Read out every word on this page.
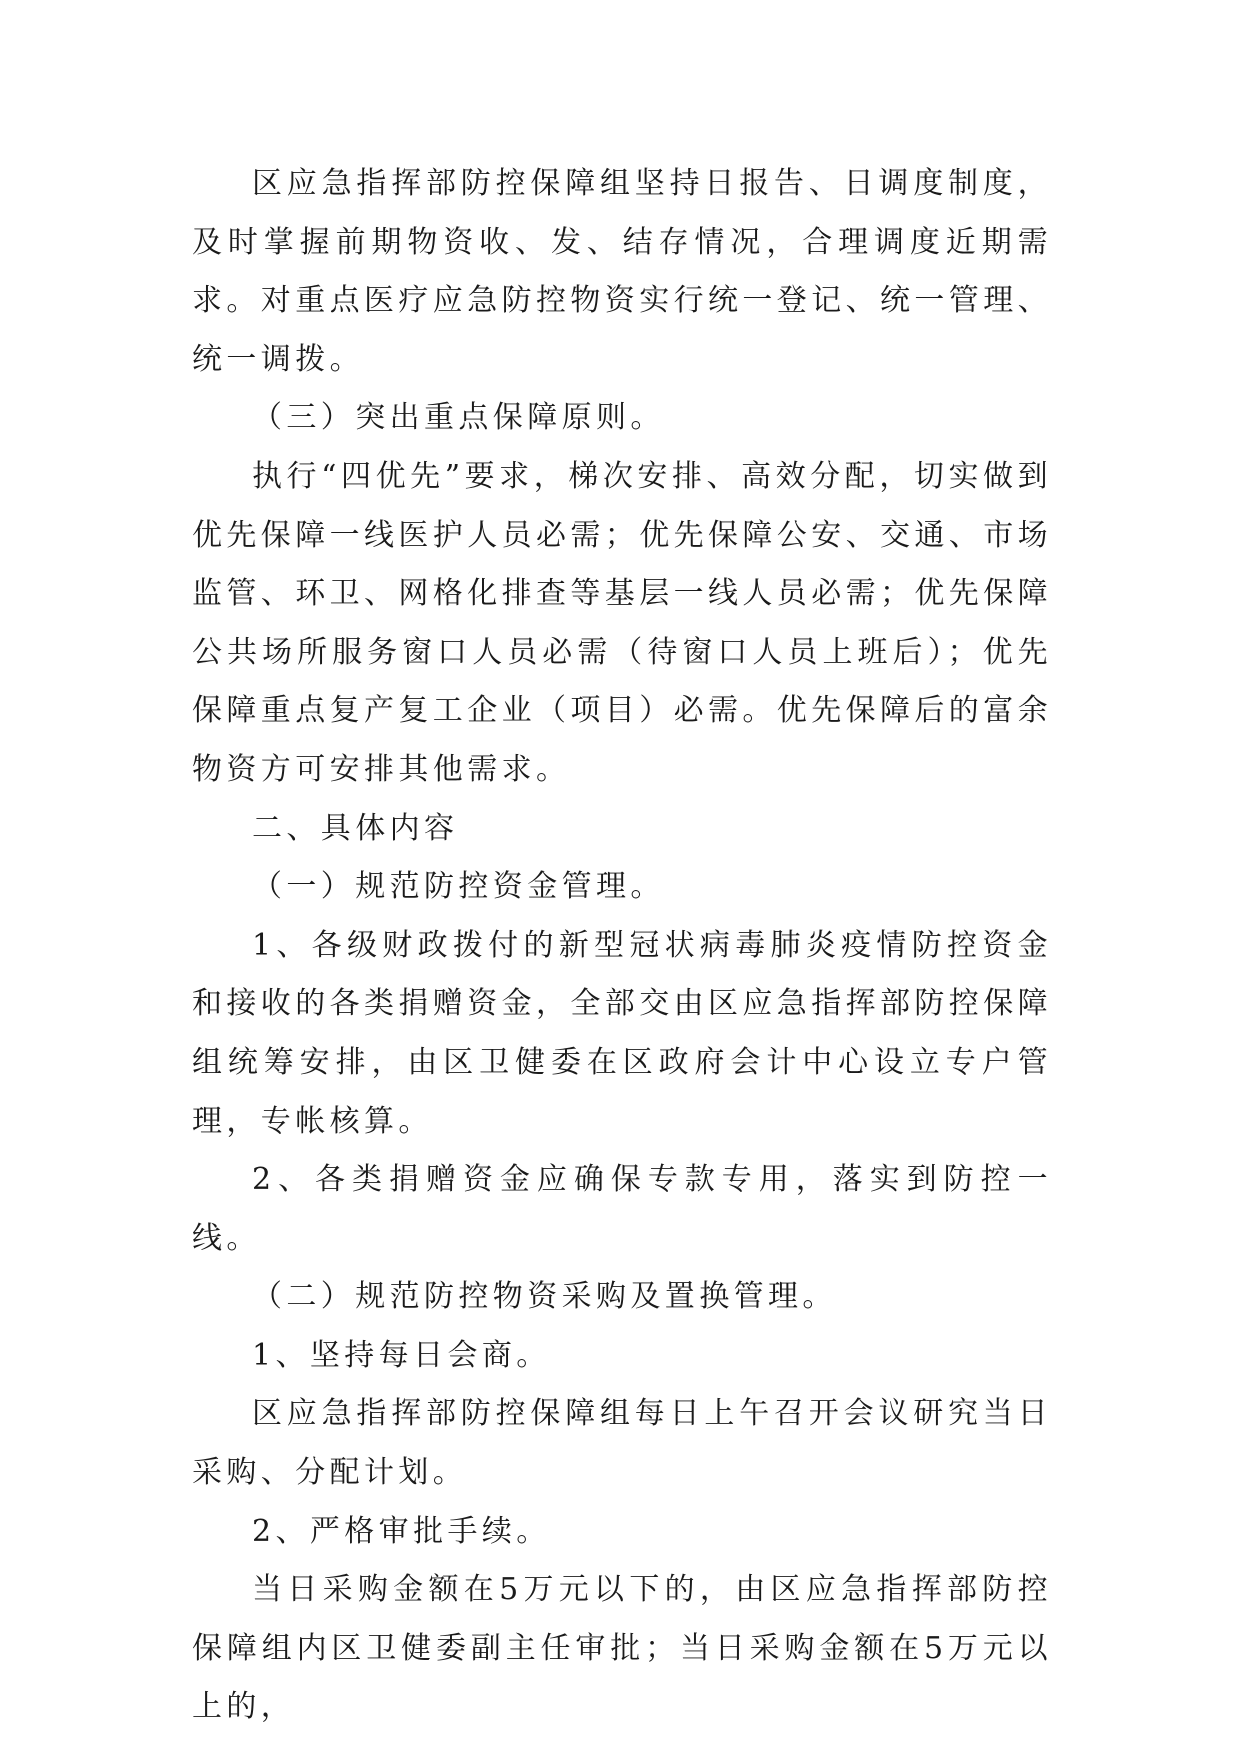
区应急指挥部防控保障组坚持日报告、日调度制度，及时掌握前期物资收、发、结存情况，合理调度近期需求。对重点医疗应急防控物资实行统一登记、统一管理、统一调拨。

（三）突出重点保障原则。

执行“四优先”要求，梯次安排、高效分配，切实做到优先保障一线医护人员必需；优先保障公安、交通、市场监管、环卫、网格化排查等基层一线人员必需；优先保障公共场所服务窗口人员必需（待窗口人员上班后）；优先保障重点复产复工企业（项目）必需。优先保障后的富余物资方可安排其他需求。

二、具体内容

（一）规范防控资金管理。

1、各级财政拨付的新型冠状病毒肺炎疫情防控资金和接收的各类捐赠资金，全部交由区应急指挥部防控保障组统筹安排，由区卫健委在区政府会计中心设立专户管理，专帐核算。

2、各类捐赠资金应确保专款专用，落实到防控一线。

（二）规范防控物资采购及置换管理。

1、坚持每日会商。

区应急指挥部防控保障组每日上午召开会议研究当日采购、分配计划。

2、严格审批手续。

当日采购金额在5万元以下的，由区应急指挥部防控保障组内区卫健委副主任审批；当日采购金额在5万元以上的，
